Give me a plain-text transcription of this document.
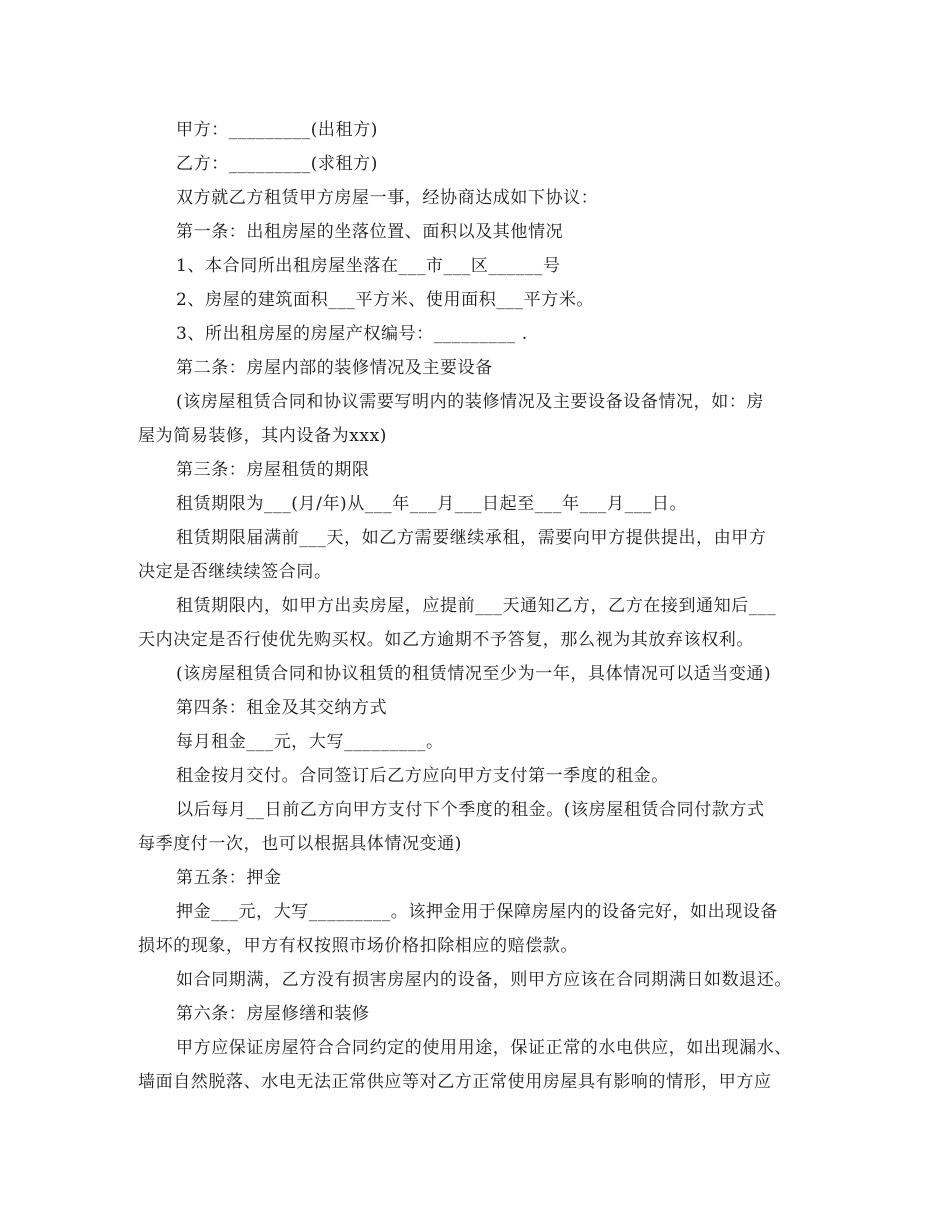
甲方：_________(出租方)

乙方：_________(求租方)

双方就乙方租赁甲方房屋一事，经协商达成如下协议：

第一条：出租房屋的坐落位置、面积以及其他情况

1、本合同所出租房屋坐落在___市___区______号

2、房屋的建筑面积___平方米、使用面积___平方米。

3、所出租房屋的房屋产权编号：_________ .

第二条：房屋内部的装修情况及主要设备

(该房屋租赁合同和协议需要写明内的装修情况及主要设备设备情况，如：房
屋为简易装修，其内设备为xxx)

第三条：房屋租赁的期限

租赁期限为___(月/年)从___年___月___日起至___年___月___日。

租赁期限届满前___天，如乙方需要继续承租，需要向甲方提供提出，由甲方
决定是否继续续签合同。

租赁期限内，如甲方出卖房屋，应提前___天通知乙方，乙方在接到通知后___
天内决定是否行使优先购买权。如乙方逾期不予答复，那么视为其放弃该权利。

(该房屋租赁合同和协议租赁的租赁情况至少为一年，具体情况可以适当变通)

第四条：租金及其交纳方式

每月租金___元，大写_________。

租金按月交付。合同签订后乙方应向甲方支付第一季度的租金。

以后每月__日前乙方向甲方支付下个季度的租金。(该房屋租赁合同付款方式
每季度付一次，也可以根据具体情况变通)

第五条：押金

押金___元，大写_________。该押金用于保障房屋内的设备完好，如出现设备
损坏的现象，甲方有权按照市场价格扣除相应的赔偿款。

如合同期满，乙方没有损害房屋内的设备，则甲方应该在合同期满日如数退还。

第六条：房屋修缮和装修

甲方应保证房屋符合合同约定的使用用途，保证正常的水电供应，如出现漏水、
墙面自然脱落、水电无法正常供应等对乙方正常使用房屋具有影响的情形，甲方应
